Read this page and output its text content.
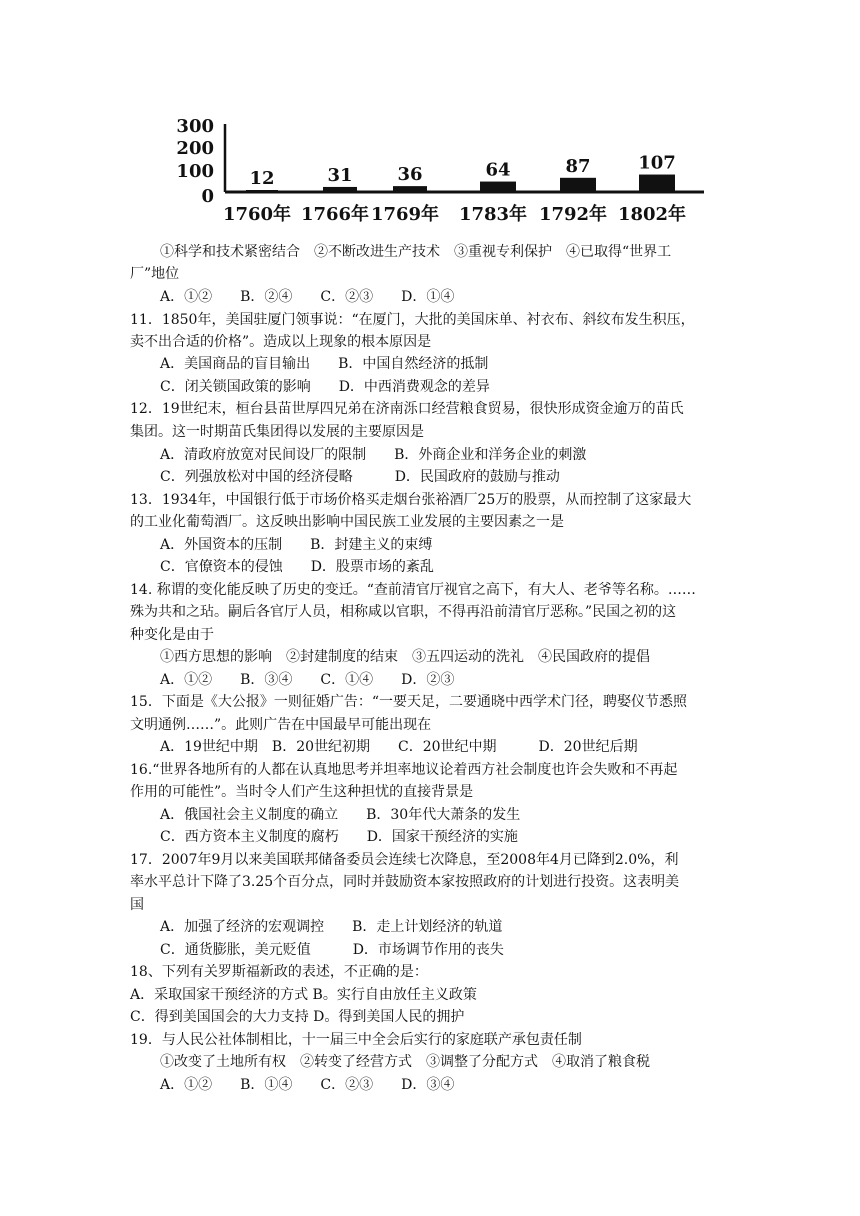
300
200
100
0
12
1760年
31
1766年
36
1769年
64
1783年
87
1792年
107
1802年
①科学和技术紧密结合　②不断改进生产技术　③重视专利保护　④已取得“世界工
厂”地位
A．①②　　B．②④　　C．②③　　D．①④
11．1850年，美国驻厦门领事说：“在厦门，大批的美国床单、衬衣布、斜纹布发生积压，
卖不出合适的价格”。造成以上现象的根本原因是
A．美国商品的盲目输出　　B．中国自然经济的抵制
C．闭关锁国政策的影响　　D．中西消费观念的差异
12．19世纪末，桓台县苗世厚四兄弟在济南泺口经营粮食贸易，很快形成资金逾万的苗氏
集团。这一时期苗氏集团得以发展的主要原因是
A．清政府放宽对民间设厂的限制　　B．外商企业和洋务企业的刺激
C．列强放松对中国的经济侵略　　　D．民国政府的鼓励与推动
13．1934年，中国银行低于市场价格买走烟台张裕酒厂25万的股票，从而控制了这家最大
的工业化葡萄酒厂。这反映出影响中国民族工业发展的主要因素之一是
A．外国资本的压制　　B．封建主义的束缚
C．官僚资本的侵蚀　　D．股票市场的紊乱
14. 称谓的变化能反映了历史的变迁。“查前清官厅视官之高下，有大人、老爷等名称。……
殊为共和之玷。嗣后各官厅人员，相称咸以官职，不得再沿前清官厅恶称。”民国之初的这
种变化是由于
①西方思想的影响　②封建制度的结束　③五四运动的洗礼　④民国政府的提倡
A．①②　　B．③④　　C．①④　　D．②③
15．下面是《大公报》一则征婚广告：“一要天足，二要通晓中西学术门径，聘娶仪节悉照
文明通例……”。此则广告在中国最早可能出现在
A．19世纪中期　B．20世纪初期　　C．20世纪中期　　　D．20世纪后期
16.“世界各地所有的人都在认真地思考并坦率地议论着西方社会制度也许会失败和不再起
作用的可能性”。当时令人们产生这种担忧的直接背景是
A．俄国社会主义制度的确立　　B．30年代大萧条的发生
C．西方资本主义制度的腐朽　　D．国家干预经济的实施
17．2007年9月以来美国联邦储备委员会连续七次降息，至2008年4月已降到2.0%，利
率水平总计下降了3.25个百分点，同时并鼓励资本家按照政府的计划进行投资。这表明美
国
A．加强了经济的宏观调控　　B．走上计划经济的轨道
C．通货膨胀，美元贬值　　　D．市场调节作用的丧失
18、下列有关罗斯福新政的表述，不正确的是：
A．采取国家干预经济的方式 B。实行自由放任主义政策
C．得到美国国会的大力支持 D。得到美国人民的拥护
19．与人民公社体制相比，十一届三中全会后实行的家庭联产承包责任制
①改变了土地所有权　②转变了经营方式　③调整了分配方式　④取消了粮食税
A．①②　　B．①④　　C．②③　　D．③④
